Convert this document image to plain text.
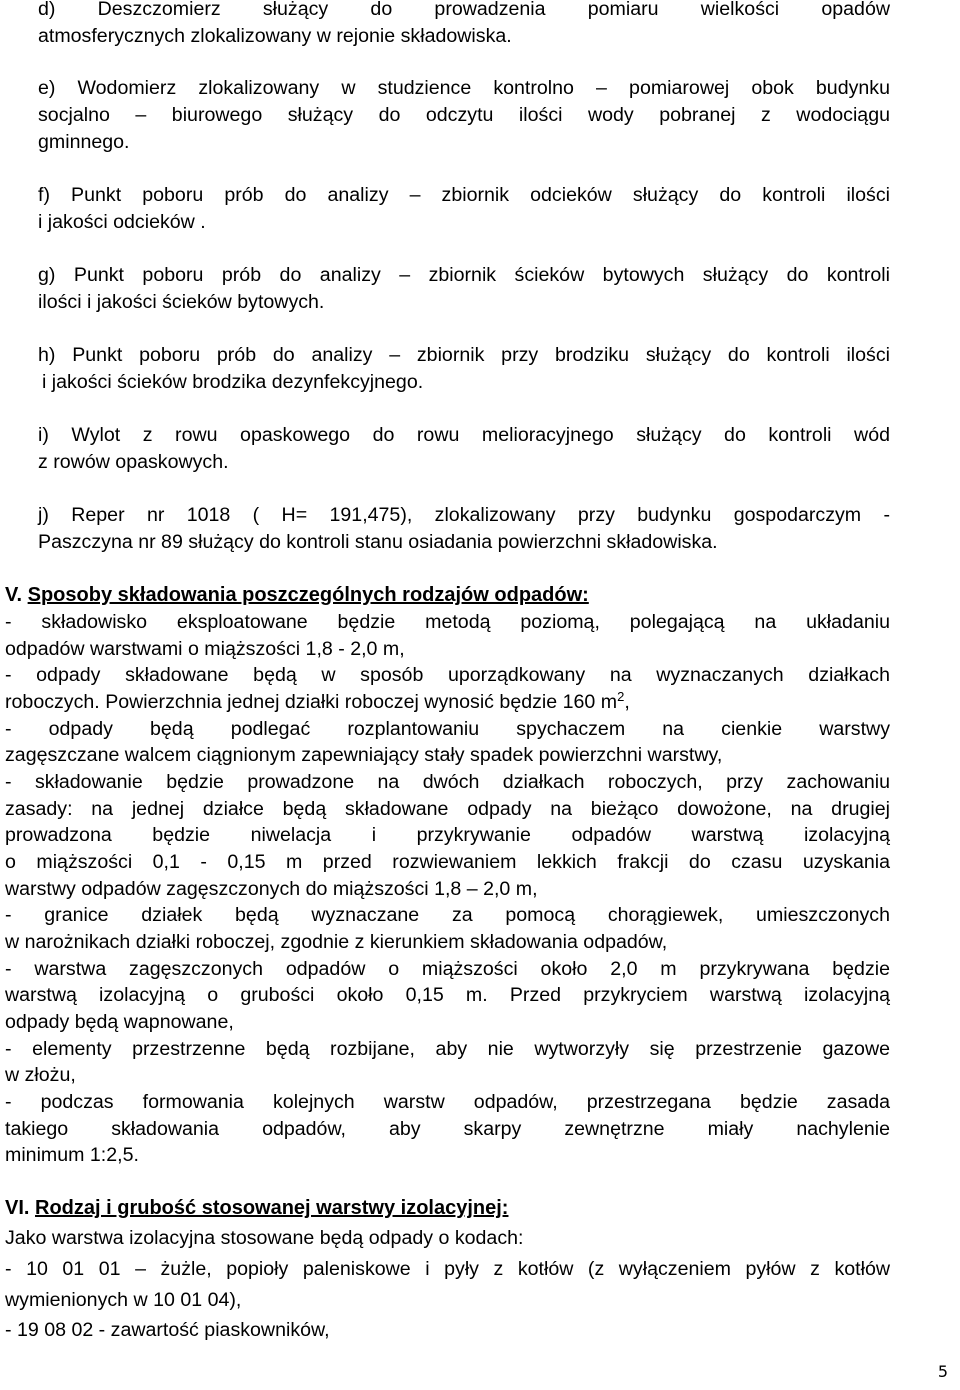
d) Deszczomierz służący do prowadzenia pomiaru wielkości opadów

atmosferycznych zlokalizowany w rejonie składowiska.

e) Wodomierz zlokalizowany w studzience kontrolno – pomiarowej obok budynku

socjalno – biurowego służący do odczytu ilości wody pobranej z wodociągu

gminnego.

f) Punkt poboru prób do analizy – zbiornik odcieków służący do kontroli ilości

i jakości odcieków .

g) Punkt poboru prób do analizy – zbiornik ścieków bytowych służący do kontroli

ilości i jakości ścieków bytowych.

h) Punkt poboru prób do analizy – zbiornik przy brodziku służący do kontroli ilości

i jakości ścieków brodzika dezynfekcyjnego.

i) Wylot z rowu opaskowego do rowu melioracyjnego służący do kontroli wód

z rowów opaskowych.

j) Reper nr 1018 ( H= 191,475), zlokalizowany przy budynku gospodarczym -

Paszczyna nr 89 służący do kontroli stanu osiadania powierzchni składowiska.

V. Sposoby składowania poszczególnych rodzajów odpadów:

- składowisko eksploatowane będzie metodą poziomą, polegającą na układaniu

odpadów warstwami o miąższości 1,8 - 2,0 m,

- odpady składowane będą w sposób uporządkowany na wyznaczanych działkach

roboczych. Powierzchnia jednej działki roboczej wynosić będzie 160 $m^2$,

- odpady będą podlegać rozplantowaniu spychaczem na cienkie warstwy

zagęszczane walcem ciągnionym zapewniający stały spadek powierzchni warstwy,

- składowanie będzie prowadzone na dwóch działkach roboczych, przy zachowaniu

zasady: na jednej działce będą składowane odpady na bieżąco dowożone, na drugiej

prowadzona będzie niwelacja i przykrywanie odpadów warstwą izolacyjną

o miąższości 0,1 - 0,15 m przed rozwiewaniem lekkich frakcji do czasu uzyskania

warstwy odpadów zagęszczonych do miąższości 1,8 – 2,0 m,

- granice działek będą wyznaczane za pomocą chorągiewek, umieszczonych

w narożnikach działki roboczej, zgodnie z kierunkiem składowania odpadów,

- warstwa zagęszczonych odpadów o miąższości około 2,0 m przykrywana będzie

warstwą izolacyjną o grubości około 0,15 m. Przed przykryciem warstwą izolacyjną

odpady będą wapnowane,

- elementy przestrzenne będą rozbijane, aby nie wytworzyły się przestrzenie gazowe

w złożu,

- podczas formowania kolejnych warstw odpadów, przestrzegana będzie zasada

takiego składowania odpadów, aby skarpy zewnętrzne miały nachylenie

minimum 1:2,5.

VI. Rodzaj i grubość stosowanej warstwy izolacyjnej:

Jako warstwa izolacyjna stosowane będą odpady o kodach:

- 10 01 01 – żużle, popioły paleniskowe i pyły z kotłów (z wyłączeniem pyłów z kotłów

wymienionych w 10 01 04),

- 19 08 02 - zawartość piaskowników,

5
